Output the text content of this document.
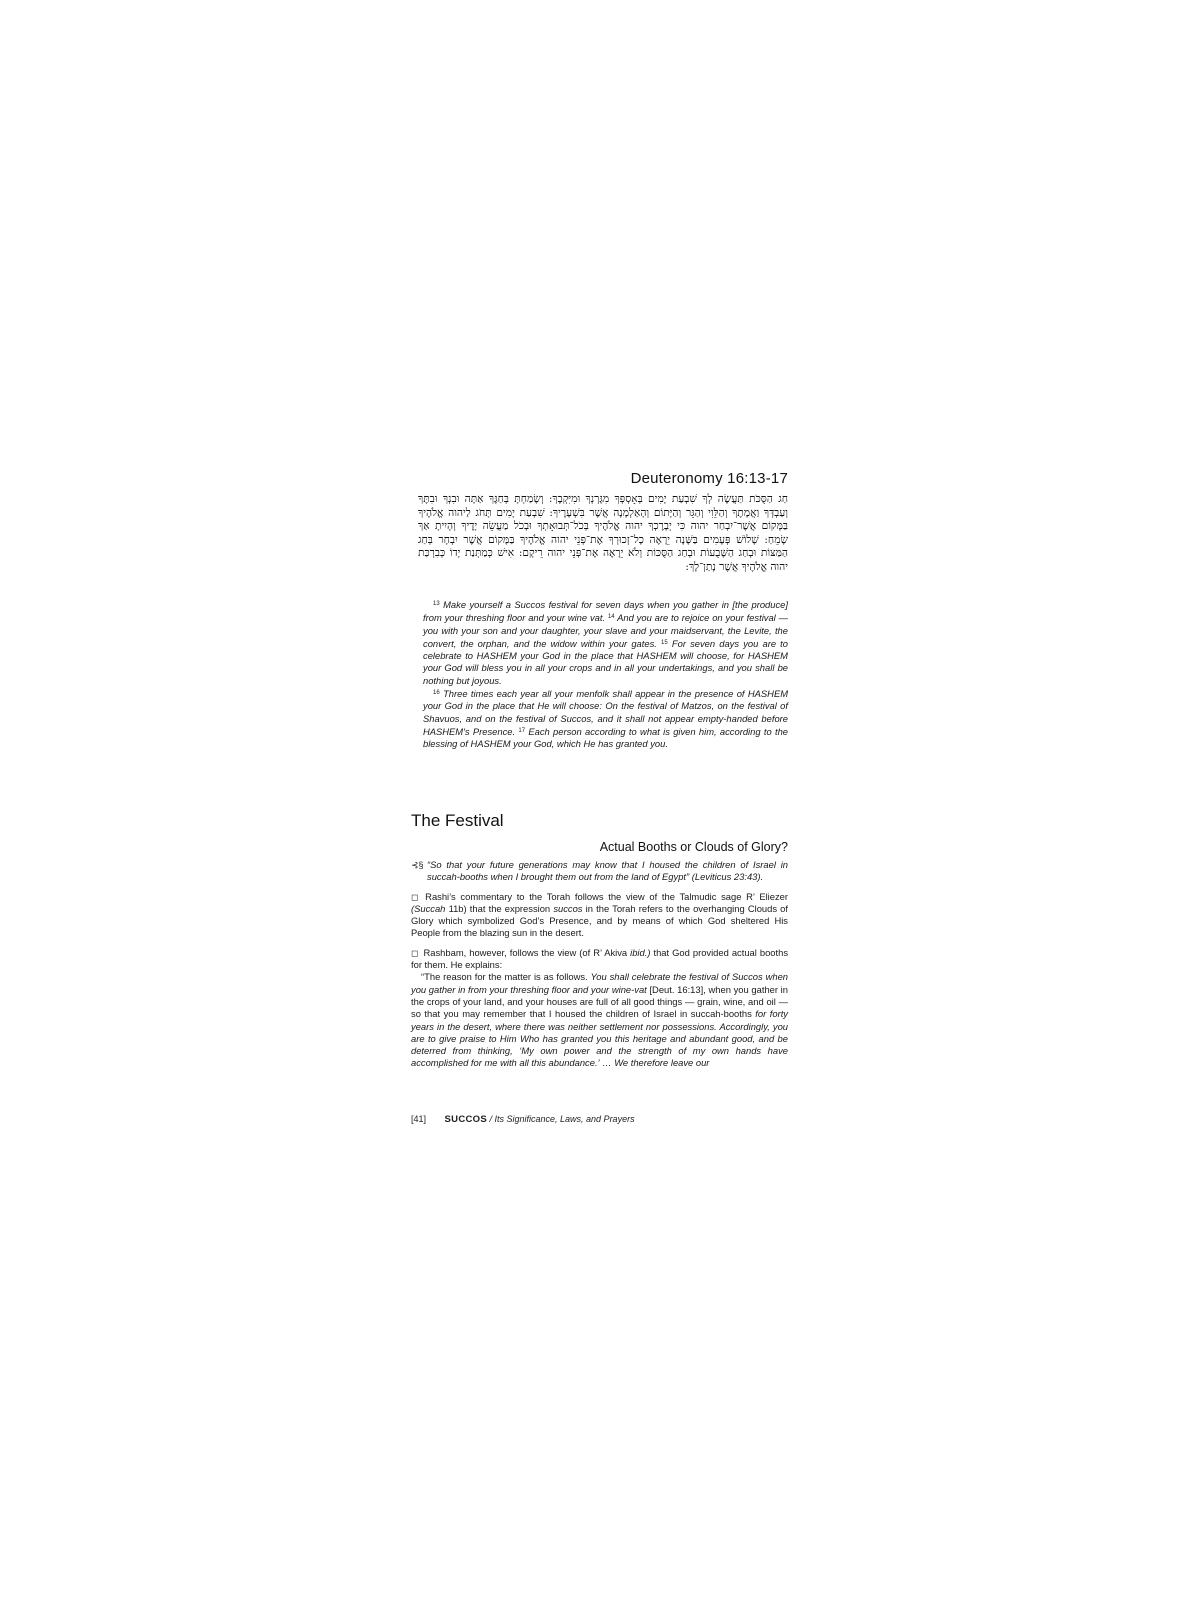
Deuteronomy 16:13-17

חַג הַסֻּכֹּת תַּעֲשֶׂה לְךָ שִׁבְעַת יָמִים בְּאָסְפְּךָ מִגָּרְנְךָ וּמִיִּקְבֶךָ: וְשָׂמַחְתָּ בְּחַגֶּךָ אַתָּה וּבִנְךָ וּבִתֶּךָ וְעַבְדְּךָ וַאֲמָתֶךָ וְהַלֵּוִי וְהַגֵּר וְהַיָּתוֹם וְהָאַלְמָנָה אֲשֶׁר בִּשְׁעָרֶיךָ: שִׁבְעַת יָמִים תָּחֹג לַיהוה אֱלֹהֶיךָ בַּמָּקוֹם אֲשֶׁר־יִבְחַר יהוה כִּי יְבָרֶכְךָ יהוה אֱלֹהֶיךָ בְּכֹל־תְּבוּאָתְךָ וּבְכֹל מַעֲשֵׂה יָדֶיךָ וְהָיִיתָ אַךְ שָׂמֵחַ: שָׁלוֹשׁ פְּעָמִים בַּשָּׁנָה יֵרָאֶה כָל־זְכוּרְךָ אֶת־פְּנֵי יהוה אֱלֹהֶיךָ בַּמָּקוֹם אֲשֶׁר יִבְחָר בְּחַג הַמַּצּוֹת וּבְחַג הַשָּׁבֻעוֹת וּבְחַג הַסֻּכּוֹת וְלֹא יֵרָאֶה אֶת־פְּנֵי יהוה רֵיקָם: אִישׁ כְּמַתְּנַת יָדוֹ כְּבִרְכַּת יהוה אֱלֹהֶיךָ אֲשֶׁר נָתַן־לָךְ:

$^{13}$ Make yourself a Succos festival for seven days when you gather in [the produce] from your threshing floor and your wine vat. $^{14}$ And you are to rejoice on your festival — you with your son and your daughter, your slave and your maidservant, the Levite, the convert, the orphan, and the widow within your gates. $^{15}$ For seven days you are to celebrate to HASHEM your God in the place that HASHEM will choose, for HASHEM your God will bless you in all your crops and in all your undertakings, and you shall be nothing but joyous.

$^{16}$ Three times each year all your menfolk shall appear in the presence of HASHEM your God in the place that He will choose: On the festival of Matzos, on the festival of Shavuos, and on the festival of Succos, and it shall not appear empty-handed before HASHEM's Presence. $^{17}$ Each person according to what is given him, according to the blessing of HASHEM your God, which He has granted you.

The Festival
Actual Booths or Clouds of Glory?

⊰§ “So that your future generations may know that I housed the children of Israel in succah-booths when I brought them out from the land of Egypt” (Leviticus 23:43).

◻ Rashi’s commentary to the Torah follows the view of the Talmudic sage R’ Eliezer (Succah 11b) that the expression succos in the Torah refers to the overhanging Clouds of Glory which symbolized God’s Presence, and by means of which God sheltered His People from the blazing sun in the desert.

◻ Rashbam, however, follows the view (of R’ Akiva ibid.) that God provided actual booths for them. He explains:

“The reason for the matter is as follows. You shall celebrate the festival of Succos when you gather in from your threshing floor and your wine-vat [Deut. 16:13], when you gather in the crops of your land, and your houses are full of all good things — grain, wine, and oil — so that you may remember that I housed the children of Israel in succah-booths for forty years in the desert, where there was neither settlement nor possessions. Accordingly, you are to give praise to Him Who has granted you this heritage and abundant good, and be deterred from thinking, ‘My own power and the strength of my own hands have accomplished for me with all this abundance.’ … We therefore leave our

[41] SUCCOS / Its Significance, Laws, and Prayers
